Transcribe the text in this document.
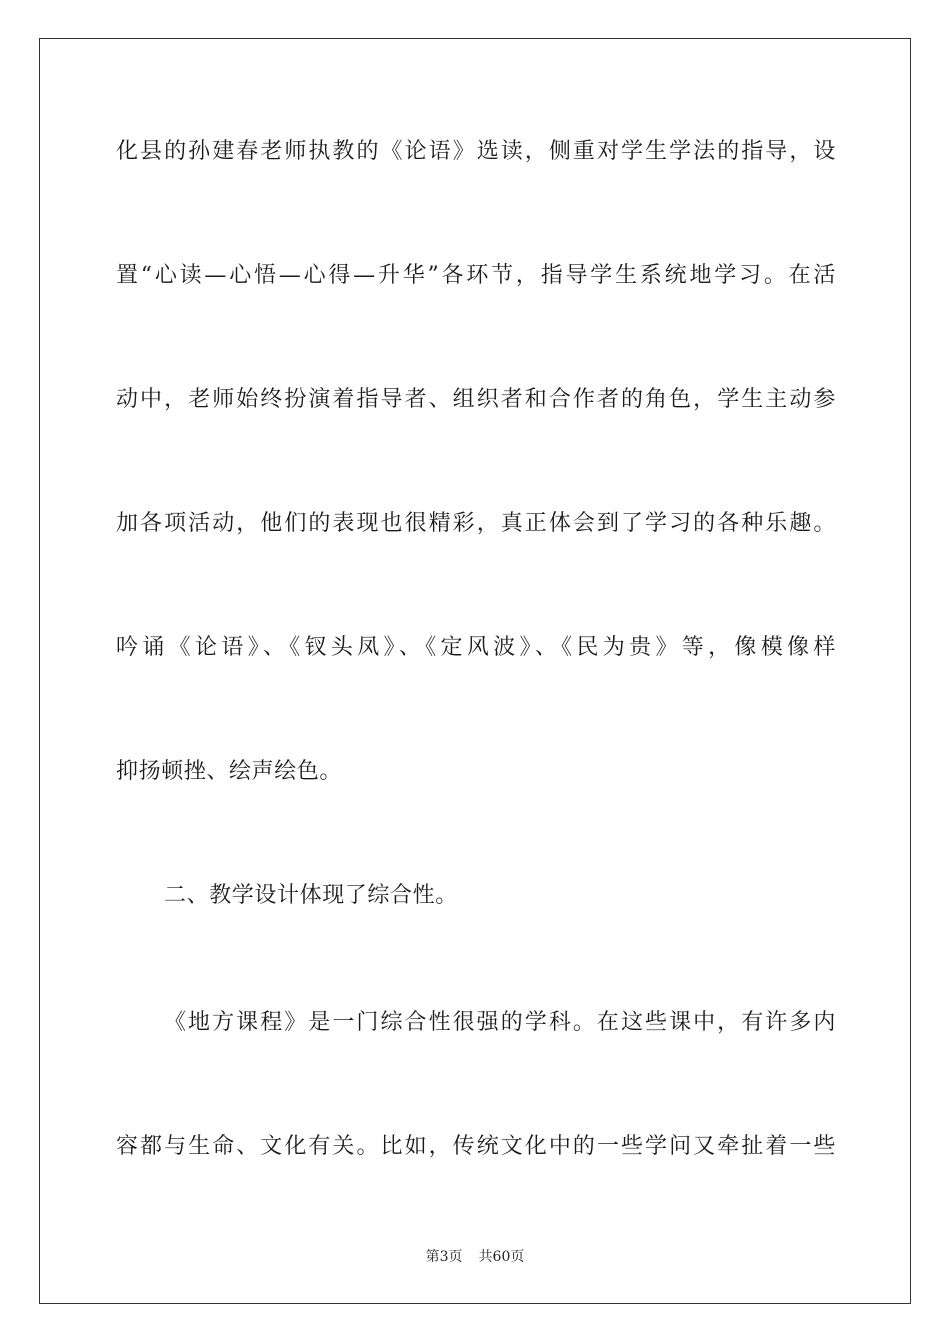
化县的孙建春老师执教的《论语》选读，侧重对学生学法的指导，设
置“心读—心悟—心得—升华”各环节，指导学生系统地学习。在活
动中，老师始终扮演着指导者、组织者和合作者的角色，学生主动参
加各项活动，他们的表现也很精彩，真正体会到了学习的各种乐趣。
吟诵《论语》、《钗头凤》、《定风波》、《民为贵》等，像模像样
抑扬顿挫、绘声绘色。
二、教学设计体现了综合性。
《地方课程》是一门综合性很强的学科。在这些课中，有许多内
容都与生命、文化有关。比如，传统文化中的一些学问又牵扯着一些
第3页 共60页
